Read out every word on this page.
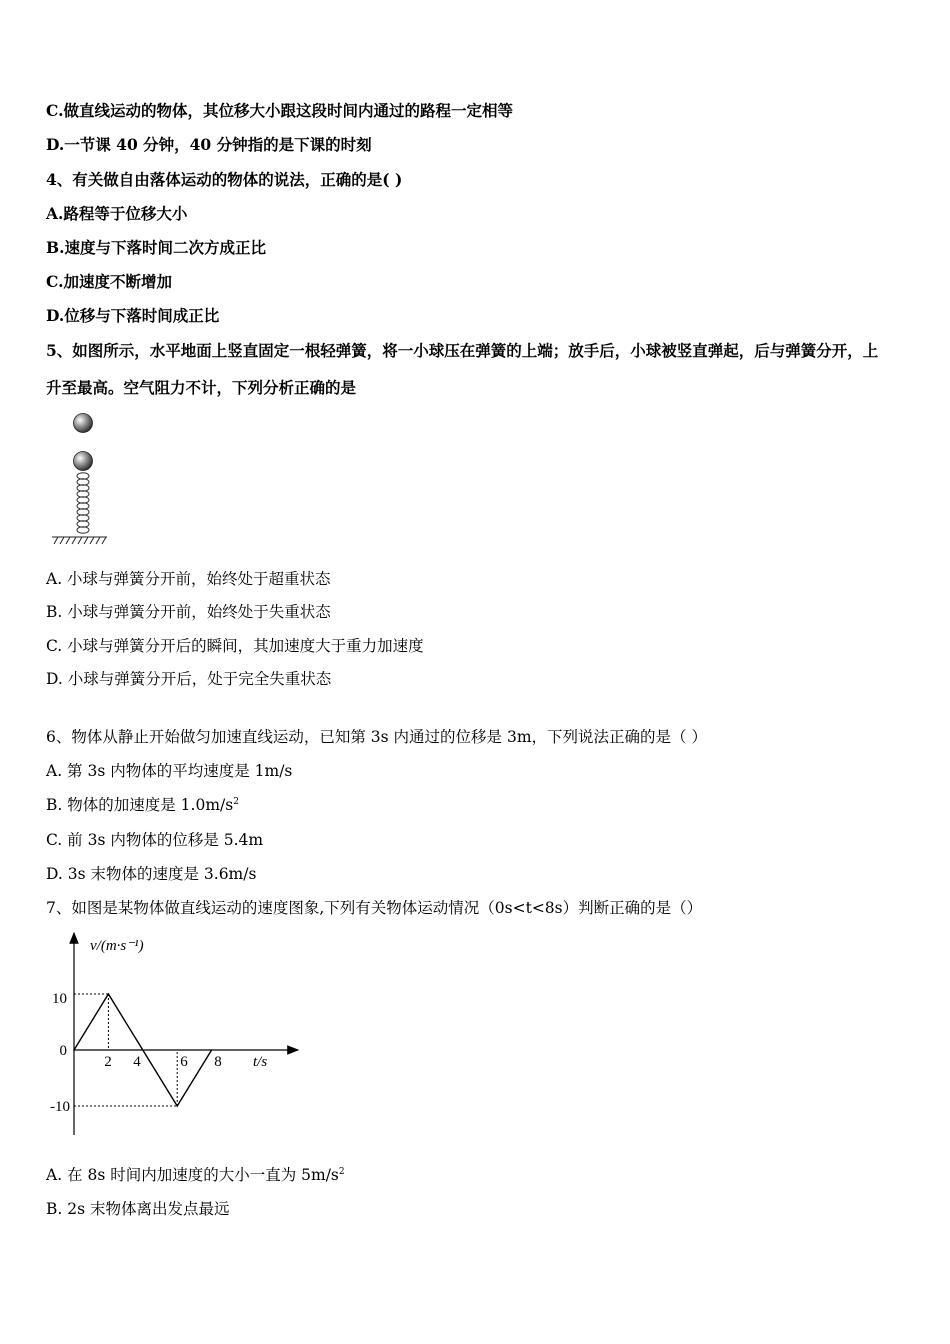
C.做直线运动的物体，其位移大小跟这段时间内通过的路程一定相等
D.一节课 40 分钟，40 分钟指的是下课的时刻
4、有关做自由落体运动的物体的说法，正确的是( )
A.路程等于位移大小
B.速度与下落时间二次方成正比
C.加速度不断增加
D.位移与下落时间成正比
5、如图所示，水平地面上竖直固定一根轻弹簧，将一小球压在弹簧的上端；放手后，小球被竖直弹起，后与弹簧分开，上
升至最高。空气阻力不计，下列分析正确的是
A. 小球与弹簧分开前，始终处于超重状态
B. 小球与弹簧分开前，始终处于失重状态
C. 小球与弹簧分开后的瞬间，其加速度大于重力加速度
D. 小球与弹簧分开后，处于完全失重状态
6、物体从静止开始做匀加速直线运动，已知第 3s 内通过的位移是 3m，下列说法正确的是（ ）
A. 第 3s 内物体的平均速度是 1m/s
B. 物体的加速度是 $1.0m/s^2$
C. 前 3s 内物体的位移是 5.4m
D. 3s 末物体的速度是 3.6m/s
7、如图是某物体做直线运动的速度图象,下列有关物体运动情况（0s<t<8s）判断正确的是（）
v/(m·s⁻¹)
t/s
10
0
-10
2 4	6 8
A. 在 8s 时间内加速度的大小一直为 $5m/s^2$
B. 2s 末物体离出发点最远
